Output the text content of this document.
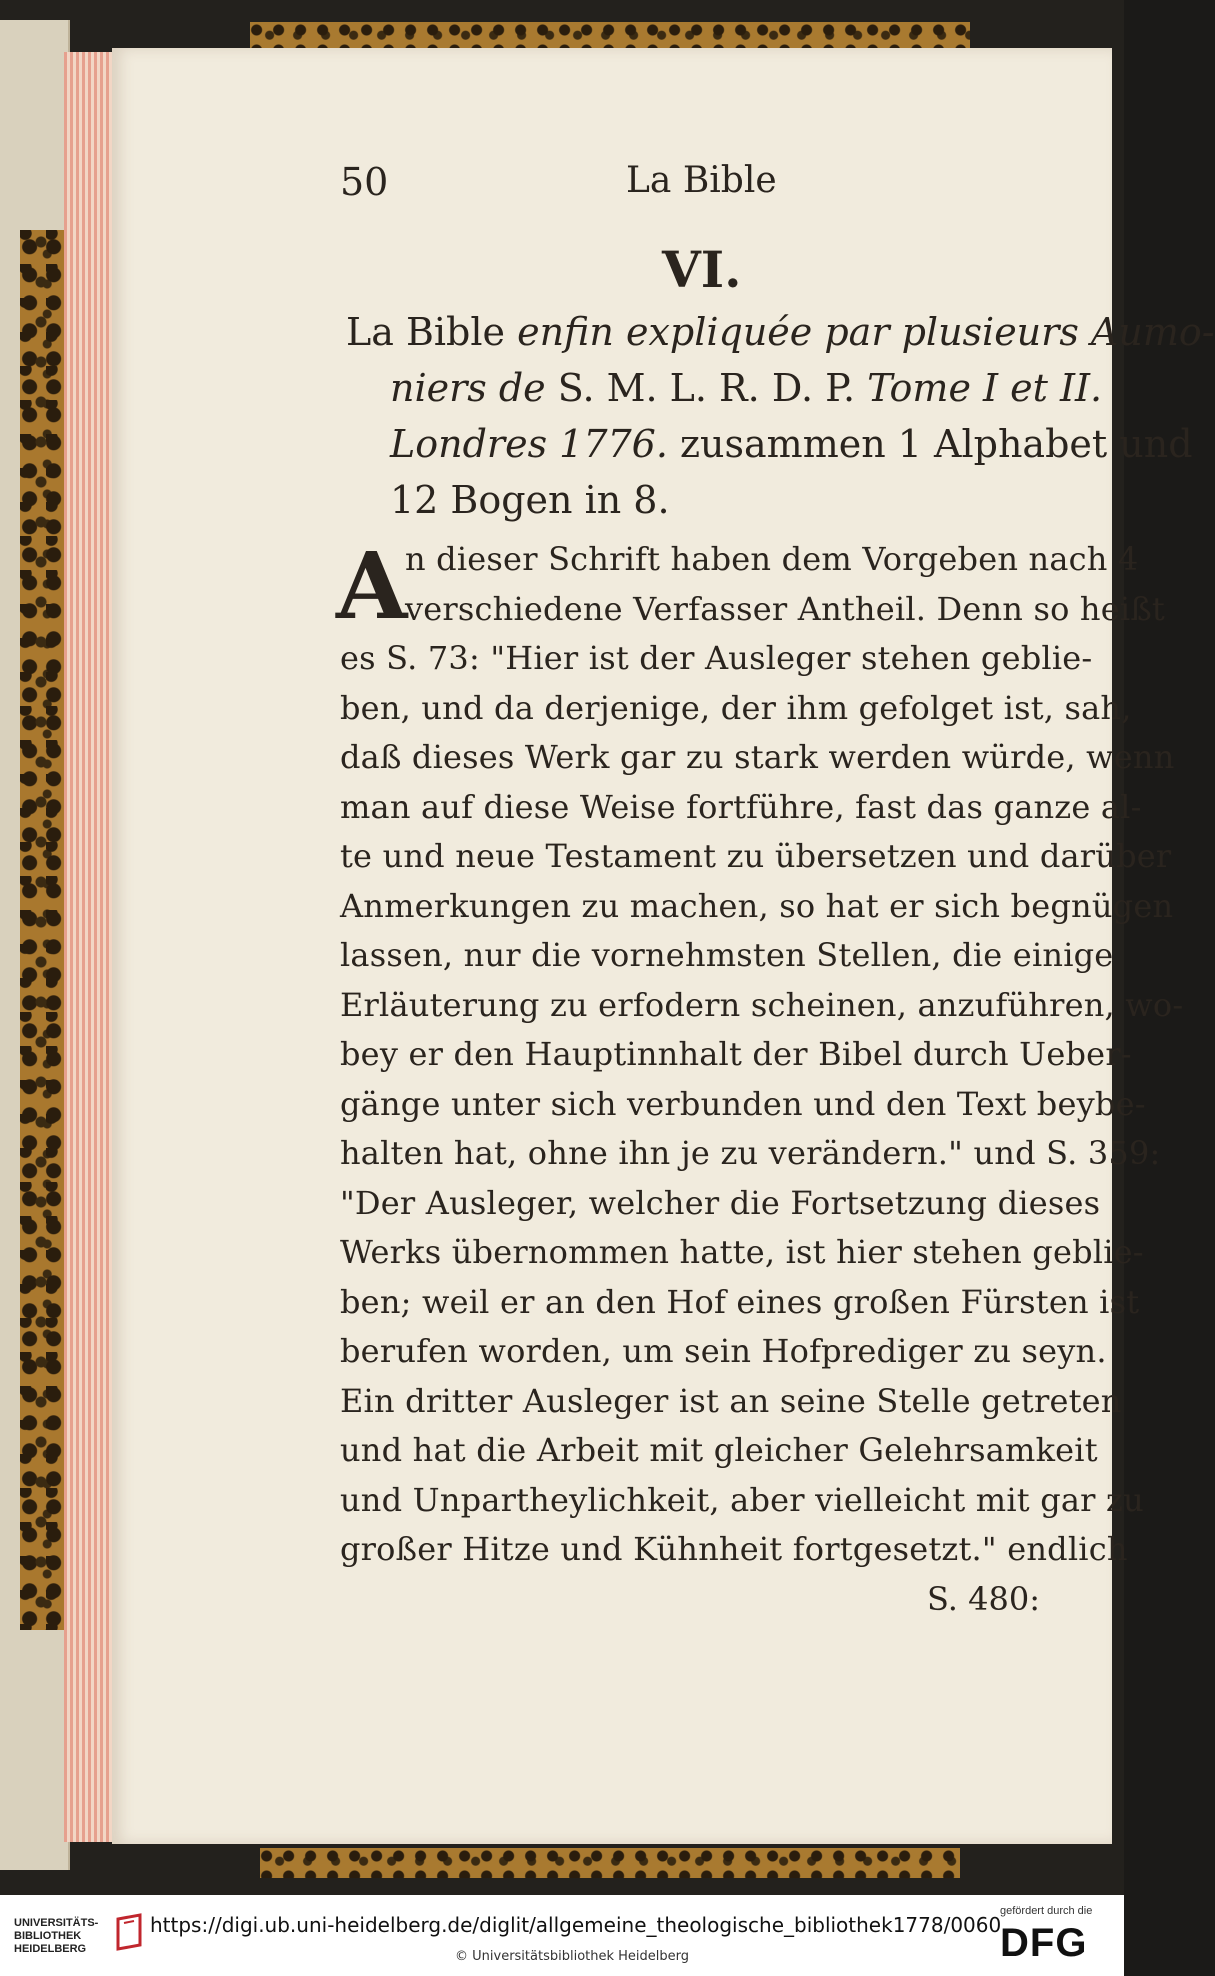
50	La Bible
VI.
La Bible enfin expliquée par plusieurs Aumo-
niers de S. M. L. R. D. P. Tome I et II.
Londres 1776. zusammen 1 Alphabet und
12 Bogen in 8.
A
n dieser Schrift haben dem Vorgeben nach 4
verschiedene Verfasser Antheil. Denn so heißt
es S. 73: "Hier ist der Ausleger stehen geblie-
ben, und da derjenige, der ihm gefolget ist, sah,
daß dieses Werk gar zu stark werden würde, wenn
man auf diese Weise fortführe, fast das ganze al-
te und neue Testament zu übersetzen und darüber
Anmerkungen zu machen, so hat er sich begnügen
lassen, nur die vornehmsten Stellen, die einige
Erläuterung zu erfodern scheinen, anzuführen, wo-
bey er den Hauptinnhalt der Bibel durch Ueber-
gänge unter sich verbunden und den Text beybe-
halten hat, ohne ihn je zu verändern." und S. 359:
"Der Ausleger, welcher die Fortsetzung dieses
Werks übernommen hatte, ist hier stehen geblie-
ben; weil er an den Hof eines großen Fürsten ist
berufen worden, um sein Hofprediger zu seyn.
Ein dritter Ausleger ist an seine Stelle getreten
und hat die Arbeit mit gleicher Gelehrsamkeit
und Unpartheylichkeit, aber vielleicht mit gar zu
großer Hitze und Kühnheit fortgesetzt." endlich
S. 480:
UNIVERSITÄTS-
BIBLIOTHEK
HEIDELBERG
https://digi.ub.uni-heidelberg.de/diglit/allgemeine_theologische_bibliothek1778/0060
© Universitätsbibliothek Heidelberg
gefördert durch die
DFG
